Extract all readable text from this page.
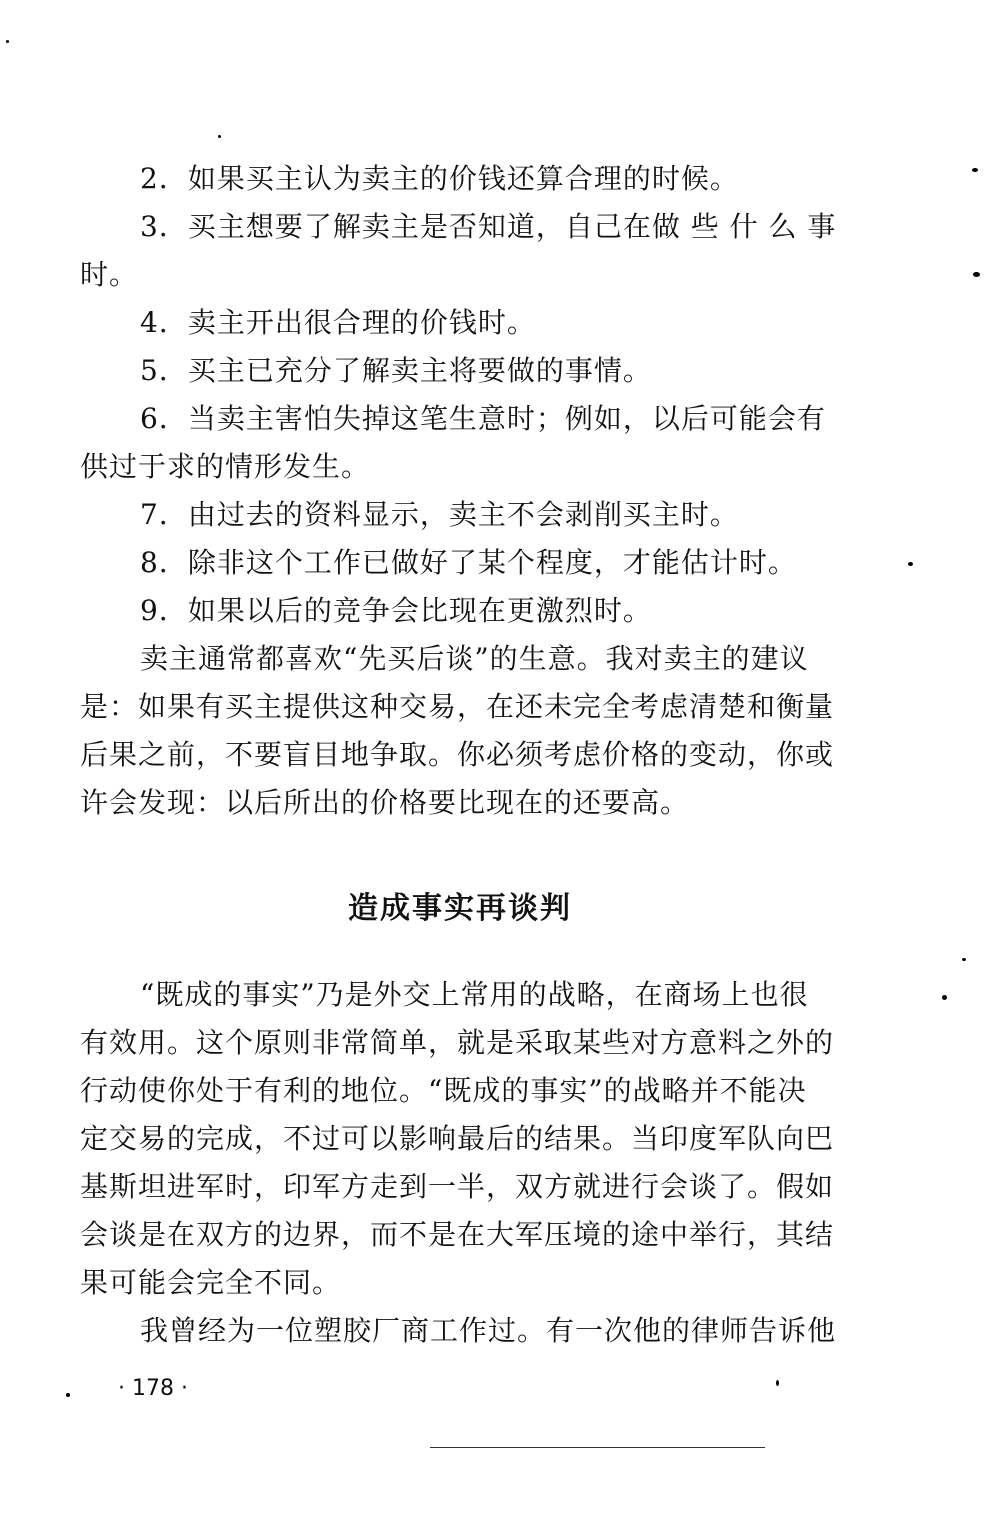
2．如果买主认为卖主的价钱还算合理的时候。
3．买主想要了解卖主是否知道，自己在做 些 什 么 事
时。
4．卖主开出很合理的价钱时。
5．买主已充分了解卖主将要做的事情。
6．当卖主害怕失掉这笔生意时；例如，以后可能会有
供过于求的情形发生。
7．由过去的资料显示，卖主不会剥削买主时。
8．除非这个工作已做好了某个程度，才能估计时。
9．如果以后的竞争会比现在更激烈时。
卖主通常都喜欢“先买后谈”的生意。我对卖主的建议
是：如果有买主提供这种交易，在还未完全考虑清楚和衡量
后果之前，不要盲目地争取。你必须考虑价格的变动，你或
许会发现：以后所出的价格要比现在的还要高。
造成事实再谈判
“既成的事实”乃是外交上常用的战略，在商场上也很
有效用。这个原则非常简单，就是采取某些对方意料之外的
行动使你处于有利的地位。“既成的事实”的战略并不能决
定交易的完成，不过可以影响最后的结果。当印度军队向巴
基斯坦进军时，印军方走到一半，双方就进行会谈了。假如
会谈是在双方的边界，而不是在大军压境的途中举行，其结
果可能会完全不同。
我曾经为一位塑胶厂商工作过。有一次他的律师告诉他
· 178 ·
